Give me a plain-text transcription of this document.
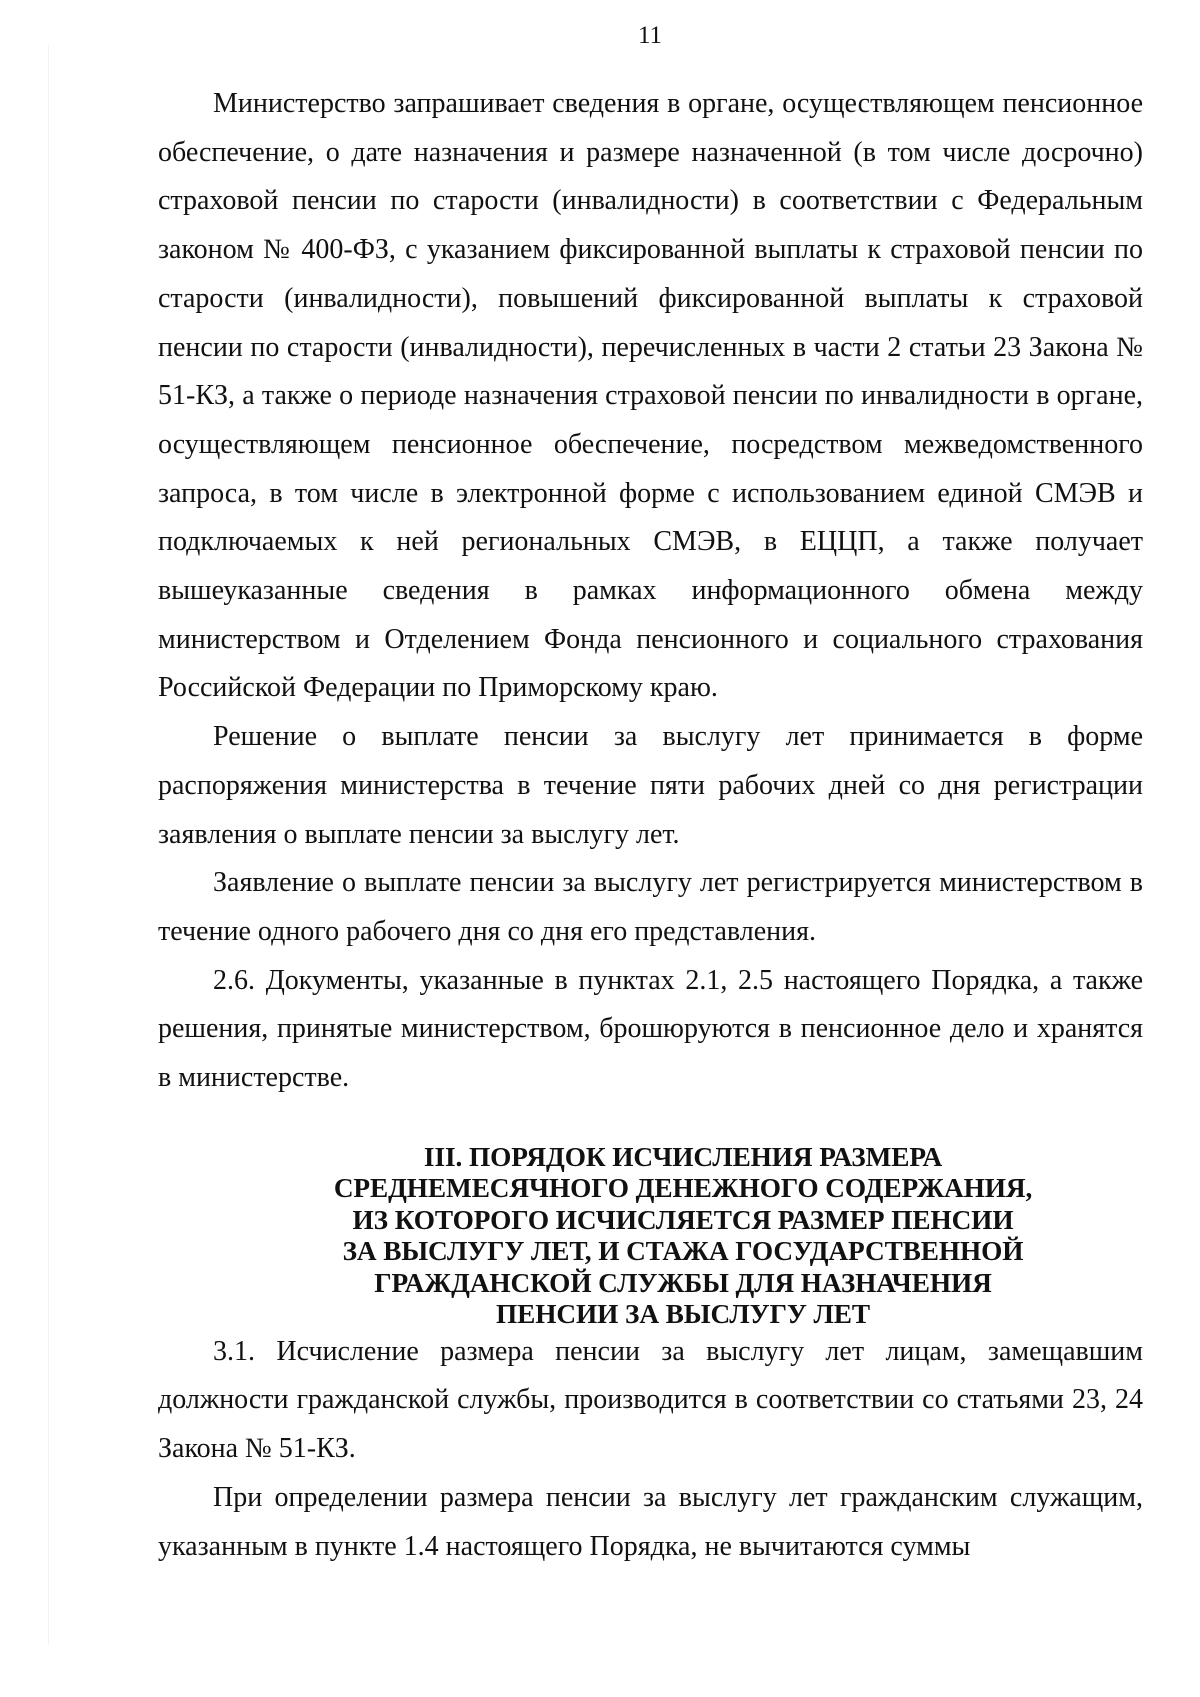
11

Министерство запрашивает сведения в органе, осуществляющем пенсионное обеспечение, о дате назначения и размере назначенной (в том числе досрочно) страховой пенсии по старости (инвалидности) в соответствии с Федеральным законом № 400-ФЗ, с указанием фиксированной выплаты к страховой пенсии по старости (инвалидности), повышений фиксированной выплаты к страховой пенсии по старости (инвалидности), перечисленных в части 2 статьи 23 Закона № 51-КЗ, а также о периоде назначения страховой пенсии по инвалидности в органе, осуществляющем пенсионное обеспечение, посредством межведомственного запроса, в том числе в электронной форме с использованием единой СМЭВ и подключаемых к ней региональных СМЭВ, в ЕЦЦП, а также получает вышеуказанные сведения в рамках информационного обмена между министерством и Отделением Фонда пенсионного и социального страхования Российской Федерации по Приморскому краю.

Решение о выплате пенсии за выслугу лет принимается в форме распоряжения министерства в течение пяти рабочих дней со дня регистрации заявления о выплате пенсии за выслугу лет.

Заявление о выплате пенсии за выслугу лет регистрируется министерством в течение одного рабочего дня со дня его представления.

2.6. Документы, указанные в пунктах 2.1, 2.5 настоящего Порядка, а также решения, принятые министерством, брошюруются в пенсионное дело и хранятся в министерстве.

III. ПОРЯДОК ИСЧИСЛЕНИЯ РАЗМЕРА
СРЕДНЕМЕСЯЧНОГО ДЕНЕЖНОГО СОДЕРЖАНИЯ,
ИЗ КОТОРОГО ИСЧИСЛЯЕТСЯ РАЗМЕР ПЕНСИИ
ЗА ВЫСЛУГУ ЛЕТ, И СТАЖА ГОСУДАРСТВЕННОЙ
ГРАЖДАНСКОЙ СЛУЖБЫ ДЛЯ НАЗНАЧЕНИЯ
ПЕНСИИ ЗА ВЫСЛУГУ ЛЕТ

3.1. Исчисление размера пенсии за выслугу лет лицам, замещавшим должности гражданской службы, производится в соответствии со статьями 23, 24 Закона № 51-КЗ.

При определении размера пенсии за выслугу лет гражданским служащим, указанным в пункте 1.4 настоящего Порядка, не вычитаются суммы
